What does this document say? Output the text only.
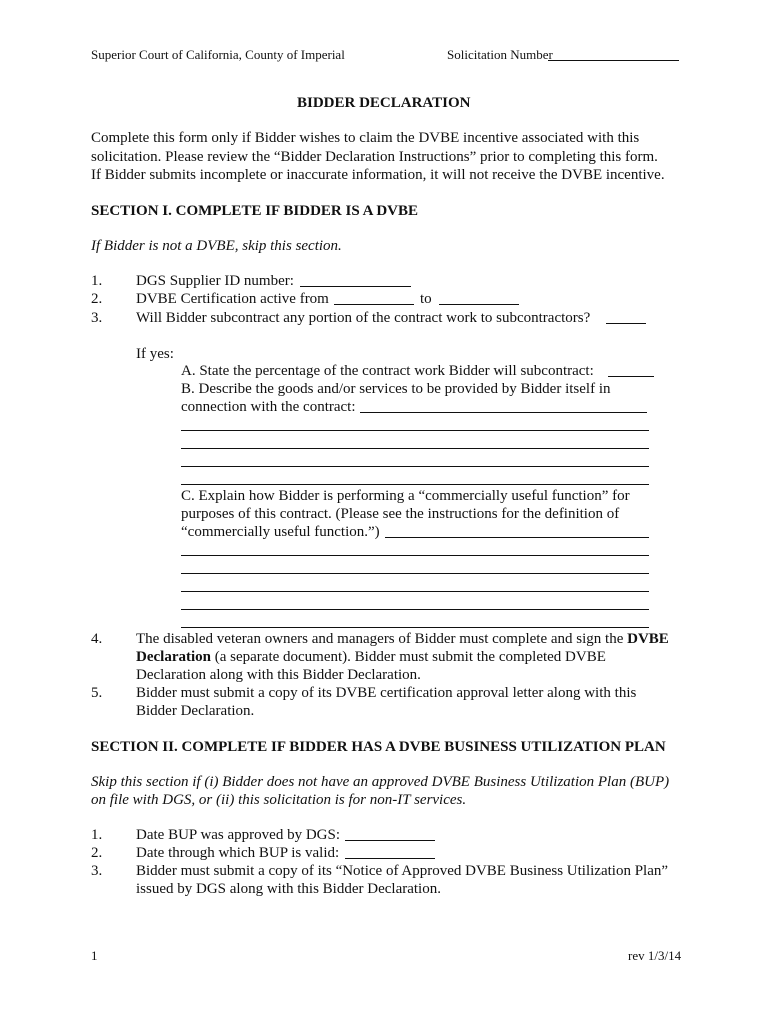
Superior Court of California, County of Imperial	Solicitation Number
BIDDER DECLARATION
Complete this form only if Bidder wishes to claim the DVBE incentive associated with this
solicitation. Please review the “Bidder Declaration Instructions” prior to completing this form.
If Bidder submits incomplete or inaccurate information, it will not receive the DVBE incentive.
SECTION I. COMPLETE IF BIDDER IS A DVBE
If Bidder is not a DVBE, skip this section.
1. DGS Supplier ID number:
2. DVBE Certification active from	to
3. Will Bidder subcontract any portion of the contract work to subcontractors?
If yes:
A. State the percentage of the contract work Bidder will subcontract:
B. Describe the goods and/or services to be provided by Bidder itself in
connection with the contract:
C. Explain how Bidder is performing a “commercially useful function” for
purposes of this contract. (Please see the instructions for the definition of
“commercially useful function.”)
4. The disabled veteran owners and managers of Bidder must complete and sign the DVBE
Declaration (a separate document). Bidder must submit the completed DVBE
Declaration along with this Bidder Declaration.
5. Bidder must submit a copy of its DVBE certification approval letter along with this
Bidder Declaration.
SECTION II. COMPLETE IF BIDDER HAS A DVBE BUSINESS UTILIZATION PLAN
Skip this section if (i) Bidder does not have an approved DVBE Business Utilization Plan (BUP)
on file with DGS, or (ii) this solicitation is for non-IT services.
1. Date BUP was approved by DGS:
2. Date through which BUP is valid:
3. Bidder must submit a copy of its “Notice of Approved DVBE Business Utilization Plan”
issued by DGS along with this Bidder Declaration.
1	rev 1/3/14
